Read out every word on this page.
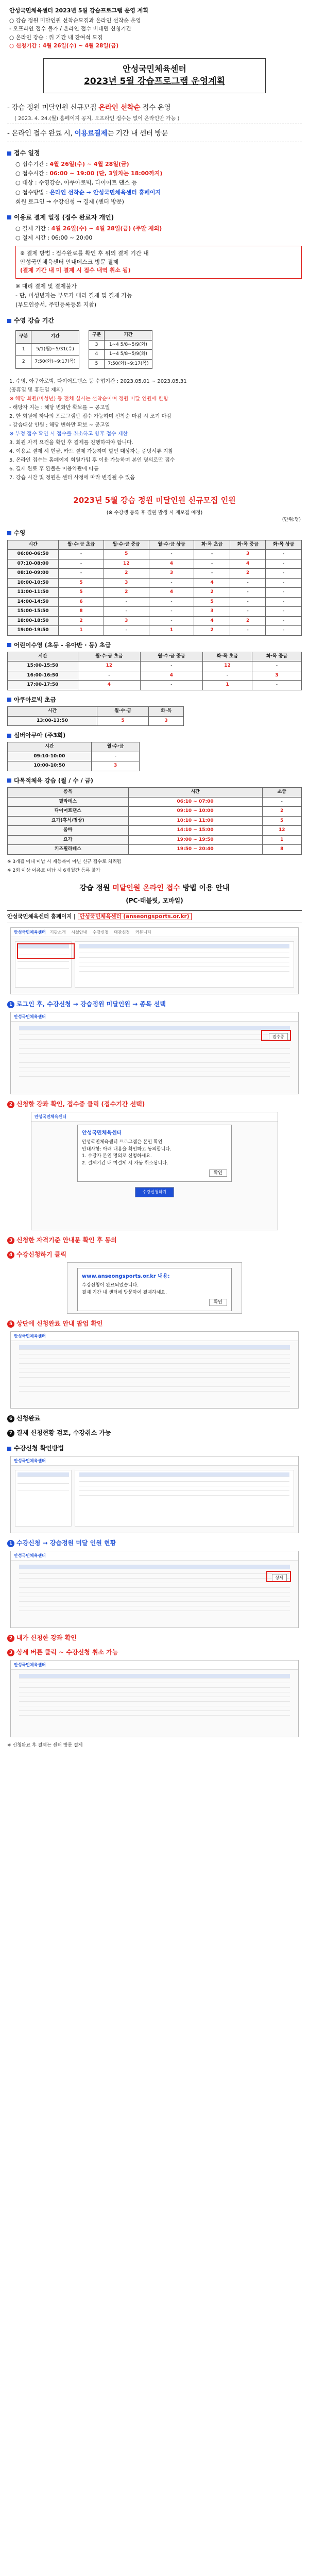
안성국민체육센터 2023년 5월 강습프로그램 운영 계획
○ 강습 정원 미달인원 선착순모집과 온라인 선착순 운영
- 오프라인 접수 불가 / 온라인 접수 비대면 신청기간
○ 온라인 강습 : 위 기간 내 잔여석 모집
○ 신청기간 : 4월 26일(수) ~ 4월 28일(금)
안성국민체육센터
2023년 5월 강습프로그램 운영계획
- 강습 정원 미달인원 신규모집 온라인 선착순 접수 운영
( 2023. 4. 24.(월) 홈페이지 공지, 오프라인 접수는 없이 온라인만 가능 )
- 온라인 접수 완료 시, 이용료결제는 기간 내 센터 방문
접수 일정
○ 접수기간 : 4월 26일(수) ~ 4월 28일(금)
○ 접수시간 : 06:00 ~ 19:00 (단, 3일차는 18:00까지)
○ 대상 : 수영강습, 아쿠아로빅, 다이어트 댄스 등
○ 접수방법 : 온라인 선착순 → 안성국민체육센터 홈페이지
회원 로그인 → 수강신청 → 결제 (센터 방문)
이용료 결제 일정 (접수 완료자 개인)
○ 결제 기간 : 4월 26일(수) ~ 4월 28일(금) (주말 제외)
○ 결제 시간 : 06:00 ~ 20:00
※ 결제 방법 : 접수완료를 확인 후 위의 결제 기간 내
안성국민체육센터 안내데스크 방문 결제
(결제 기간 내 미 결제 시 접수 내역 취소 됨)
※ 대리 결제 및 결제불가
- 단, 미성년자는 부모가 대리 결제 및 결제 가능
(부모인증서, 주민등록등본 지참)
수영 강습 기간
구분	기간
1	5/1(월)~5/31(수)
2	7:50(화)~9:17(목)
구분	기간
3	1~4 5/8~5/9(화)
4	1~4 5/8~5/9(화)
5	7:50(화)~9:17(목)
1. 수영, 아쿠아로빅, 다이어트댄스 등 수업기간 : 2023.05.01 ~ 2023.05.31
(공휴일 및 휴관일 제외)
※ 해당 회원(미성년) 등 전체 실시는 선착순이며 정원 미달 인원에 한함
- 해당자 지는 : 해당 변화만 확보를 ~ 공고일
2. 한 회원에 하나의 프로그램만 접수 가능하며 선착순 마감 시 조기 마감
- 강습대상 인원 : 해당 변화만 확보 ~ 공고일
※ 부정 접수 확인 시 접수를 취소하고 향후 접수 제한
3. 회원 자격 요건을 확인 후 결제를 진행하여야 합니다.
4. 이용료 결제 시 현금, 카드 결제 가능하며 할인 대상자는 증빙서류 지참
5. 온라인 접수는 홈페이지 회원가입 후 이용 가능하며 본인 명의로만 접수
6. 결제 완료 후 환불은 이용약관에 따름
7. 강습 시간 및 정원은 센터 사정에 따라 변경될 수 있음
2023년 5월 강습 정원 미달인원 신규모집 인원
(※ 수강생 등록 후 결원 발생 시 재모집 예정)
(단위:명)
수영
시간	월·수·금 초급	월·수·금 중급	월·수·금 상급	화·목 초급	화·목 중급	화·목 상급
06:00-06:50	-	5	-	-	3	-
07:10-08:00	-	12	4	-	4	-
08:10-09:00	-	2	3	-	2	-
10:00-10:50	5	3	-	4	-	-
11:00-11:50	5	2	4	2	-	-
14:00-14:50	6	-	-	5	-	-
15:00-15:50	8	-	-	3	-	-
18:00-18:50	2	3	-	4	2	-
19:00-19:50	1	-	1	2	-	-
어린이수영 (초등 - 유아반 · 등) 초급
시간	월·수·금 초급	월·수·금 중급	화·목 초급	화·목 중급
15:00-15:50	12	-	12	-
16:00-16:50	-	4	-	3
17:00-17:50	4	-	1	-
아쿠아로빅 초급
시간	월·수·금	화·목
13:00-13:50	5	3
실버아쿠아 (주3회)
시간	월·수·금
09:10-10:00	-
10:00-10:50	3
다목적체육 강습 (월 / 수 / 금)
종목	시간	초급
필라테스	06:10 ~ 07:00	-
다이어트댄스	09:10 ~ 10:00	2
요가(휴식/명상)	10:10 ~ 11:00	5
줌바	14:10 ~ 15:00	12
요가	19:00 ~ 19:50	1
키즈필라테스	19:50 ~ 20:40	8
※ 3개월 이내 미납 시 재등록이 아닌 신규 접수로 처리됨
※ 2회 이상 이용료 미납 시 6개월간 등록 불가
강습 정원 미달인원 온라인 접수 방법 이용 안내
(PC·태블릿, 모바일)
안성국민체육센터 홈페이지 | 안성국민체육센터 (anseongsports.or.kr)
안성국민체육센터 기관소개 시설안내 수강신청 대관신청 커뮤니티
1 로그인 후, 수강신청 → 강습정원 미달인원 → 종목 선택
안성국민체육센터
접수중
2 신청할 강좌 확인, 접수중 클릭 (접수기간 선택)
안성국민체육센터
안성국민체육센터
안성국민체육센터 프로그램은 본인 확인
안내사항: 아래 내용을 확인하고 동의합니다.
1. 수강자 본인 명의로 신청하세요.
2. 결제기간 내 미결제 시 자동 취소됩니다.
확인
수강신청하기
3 신청한 자격기준 안내문 확인 후 동의
4 수강신청하기 클릭
www.anseongsports.or.kr 내용:
수강신청이 완료되었습니다.
결제 기간 내 센터에 방문하여 결제하세요.
확인
5 상단에 신청완료 안내 팝업 확인
안성국민체육센터
6 신청완료
7 결제 신청현황 검토, 수강취소 가능
수강신청 확인방법
안성국민체육센터
1 수강신청 → 강습정원 미달 인원 현황
안성국민체육센터
상세
2 내가 신청한 강좌 확인
3 상세 버튼 클릭 ~ 수강신청 취소 가능
안성국민체육센터
※ 신청완료 후 결제는 센터 방문 결제
